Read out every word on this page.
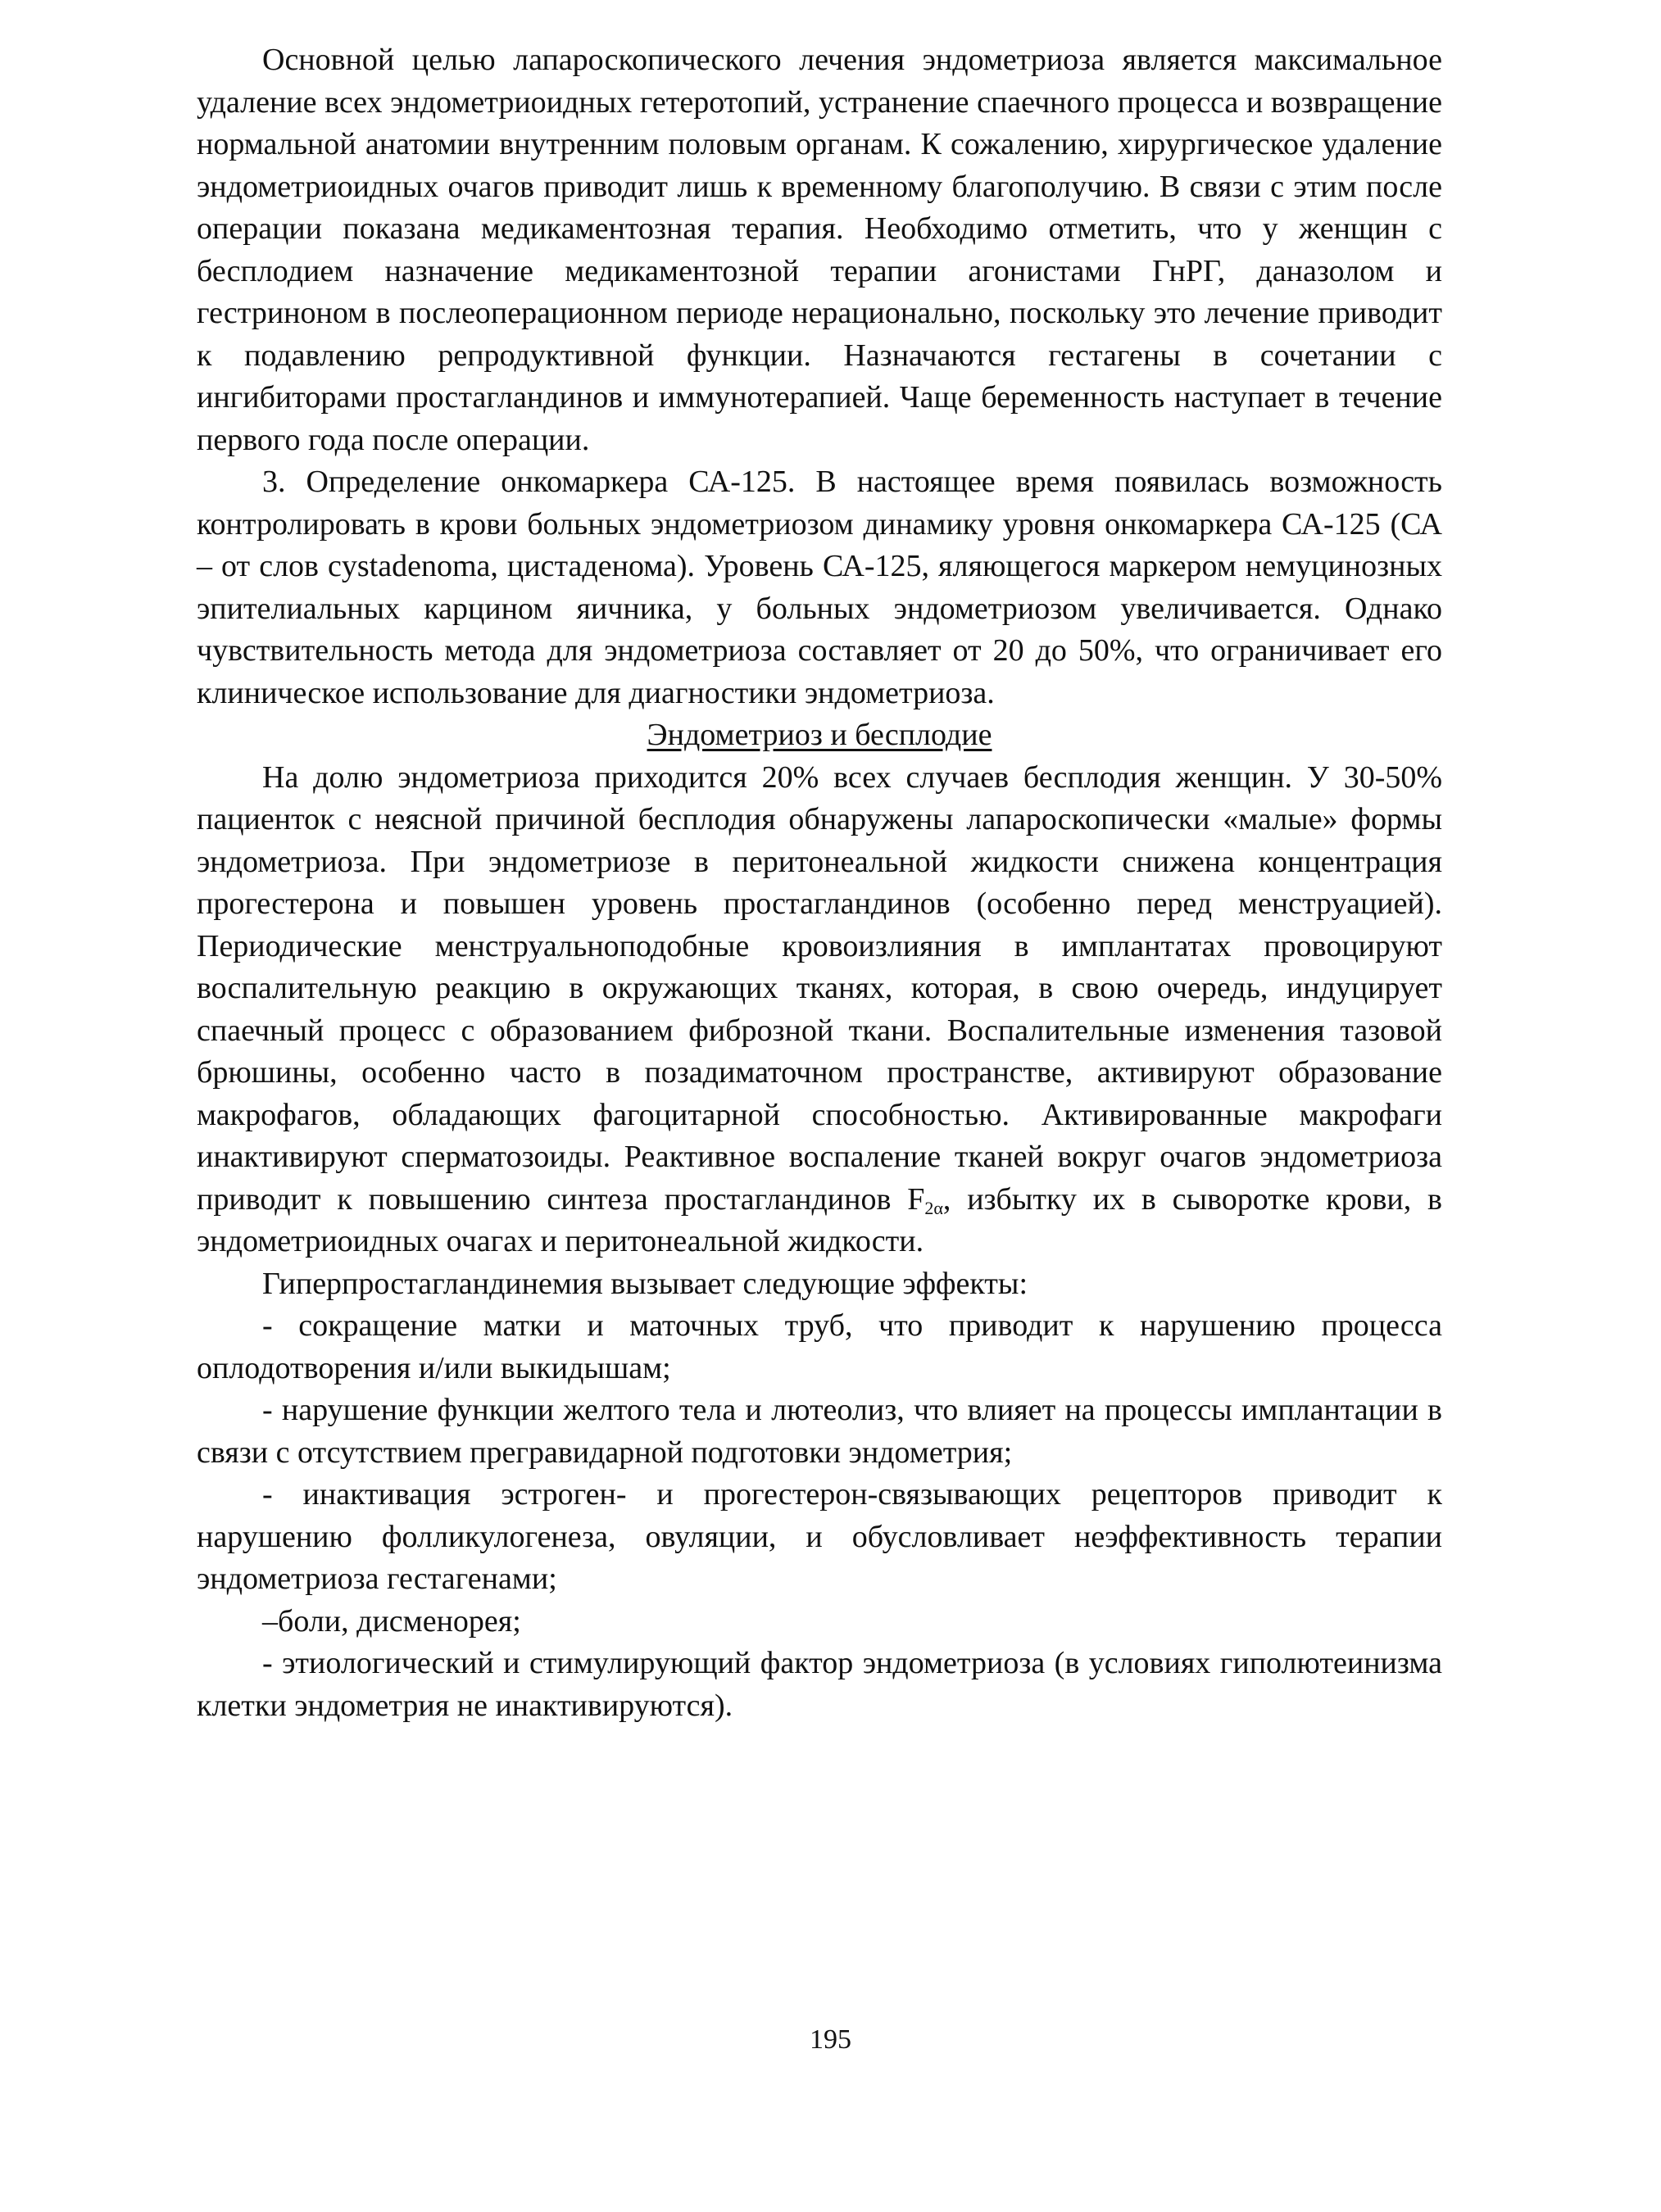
Основной целью лапароскопического лечения эндометриоза является максимальное удаление всех эндометриоидных гетеротопий, устранение спаечного процесса и возвращение нормальной анатомии внутренним половым органам. К сожалению, хирургическое удаление эндометриоидных очагов приводит лишь к временному благополучию. В связи с этим после операции показана медикаментозная терапия. Необходимо отметить, что у женщин с бесплодием назначение медикаментозной терапии агонистами ГнРГ, даназолом и гестриноном в послеоперационном периоде нерационально, поскольку это лечение приводит к подавлению репродуктивной функции. Назначаются гестагены в сочетании с ингибиторами простагландинов и иммунотерапией. Чаще беременность наступает в течение первого года после операции.

3. Определение онкомаркера СА-125. В настоящее время появилась возможность контролировать в крови больных эндометриозом динамику уровня онкомаркера СА-125 (СА – от слов cystadenoma, цистаденома). Уровень СА-125, яляющегося маркером немуцинозных эпителиальных карцином яичника, у больных эндометриозом увеличивается. Однако чувствительность метода для эндометриоза составляет от 20 до 50%, что ограничивает его клиническое использование для диагностики эндометриоза.

Эндометриоз и бесплодие

На долю эндометриоза приходится 20% всех случаев бесплодия женщин. У 30-50% пациенток с неясной причиной бесплодия обнаружены лапароскопически «малые» формы эндометриоза. При эндометриозе в перитонеальной жидкости снижена концентрация прогестерона и повышен уровень простагландинов (особенно перед менструацией). Периодические менструальноподобные кровоизлияния в имплантатах провоцируют воспалительную реакцию в окружающих тканях, которая, в свою очередь, индуцирует спаечный процесс с образованием фиброзной ткани. Воспалительные изменения тазовой брюшины, особенно часто в позадиматочном пространстве, активируют образование макрофагов, обладающих фагоцитарной способностью. Активированные макрофаги инактивируют сперматозоиды. Реактивное воспаление тканей вокруг очагов эндометриоза приводит к повышению синтеза простагландинов $F_{2\alpha}$, избытку их в сыворотке крови, в эндометриоидных очагах и перитонеальной жидкости.

Гиперпростагландинемия вызывает следующие эффекты:

- сокращение матки и маточных труб, что приводит к нарушению процесса оплодотворения и/или выкидышам;

- нарушение функции желтого тела и лютеолиз, что влияет на процессы имплантации в связи с отсутствием прегравидарной подготовки эндометрия;

- инактивация эстроген- и прогестерон-связывающих рецепторов приводит к нарушению фолликулогенеза, овуляции, и обусловливает неэффективность терапии эндометриоза гестагенами;

–боли, дисменорея;

- этиологический и стимулирующий фактор эндометриоза (в условиях гиполютеинизма клетки эндометрия не инактивируются).

195
